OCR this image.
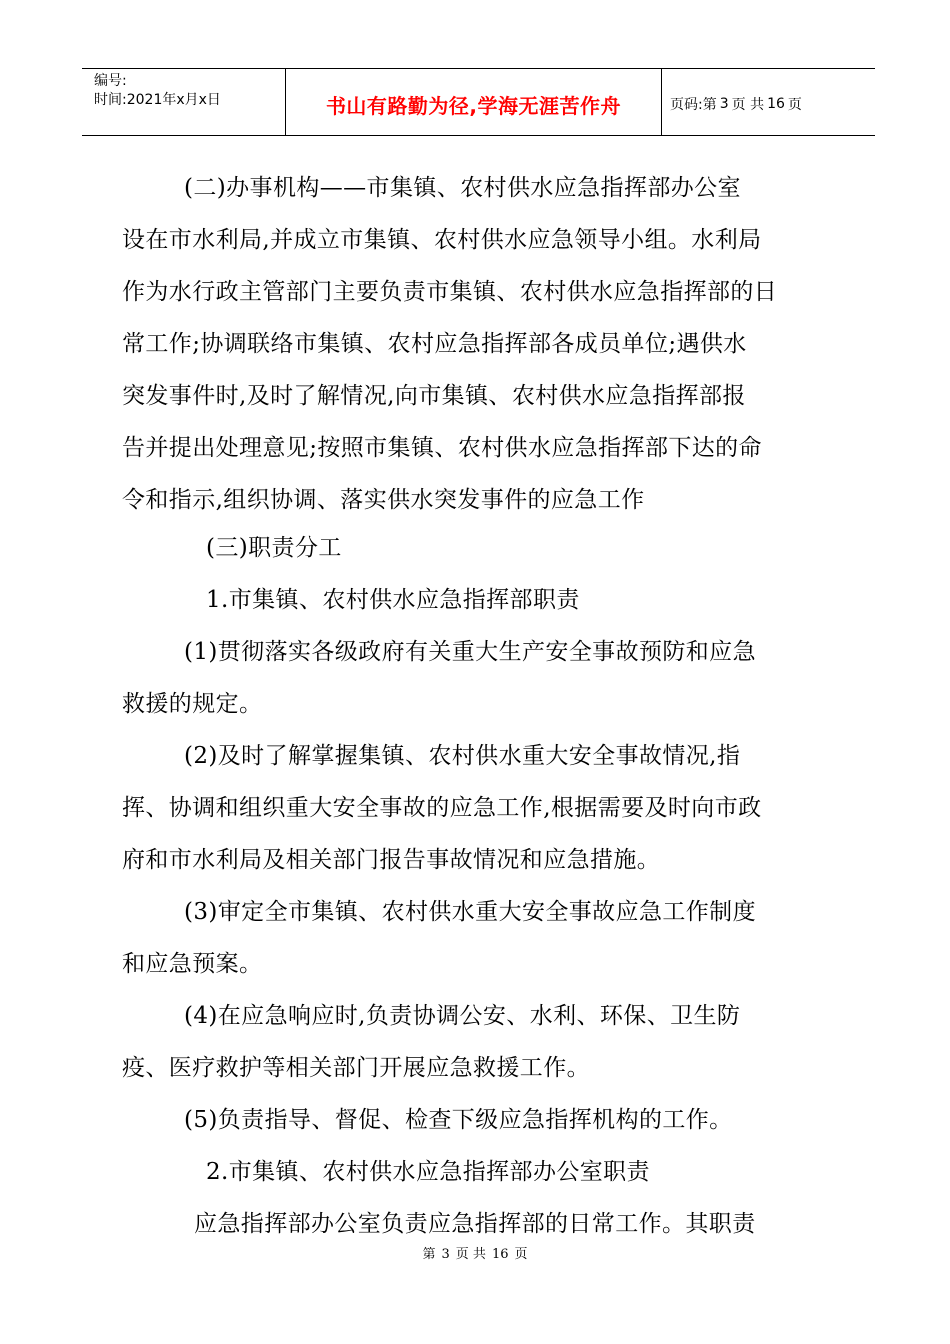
编号:
时间:2021年x月x日	书山有路勤为径,学海无涯苦作舟	页码:第 3 页 共 16 页
(二)办事机构——市集镇、农村供水应急指挥部办公室
设在市水利局,并成立市集镇、农村供水应急领导小组。水利局
作为水行政主管部门主要负责市集镇、农村供水应急指挥部的日
常工作;协调联络市集镇、农村应急指挥部各成员单位;遇供水
突发事件时,及时了解情况,向市集镇、农村供水应急指挥部报
告并提出处理意见;按照市集镇、农村供水应急指挥部下达的命
令和指示,组织协调、落实供水突发事件的应急工作
(三)职责分工
1.市集镇、农村供水应急指挥部职责
(1)贯彻落实各级政府有关重大生产安全事故预防和应急
救援的规定。
(2)及时了解掌握集镇、农村供水重大安全事故情况,指
挥、协调和组织重大安全事故的应急工作,根据需要及时向市政
府和市水利局及相关部门报告事故情况和应急措施。
(3)审定全市集镇、农村供水重大安全事故应急工作制度
和应急预案。
(4)在应急响应时,负责协调公安、水利、环保、卫生防
疫、医疗救护等相关部门开展应急救援工作。
(5)负责指导、督促、检查下级应急指挥机构的工作。
2.市集镇、农村供水应急指挥部办公室职责
应急指挥部办公室负责应急指挥部的日常工作。其职责
第 3 页 共 16 页
